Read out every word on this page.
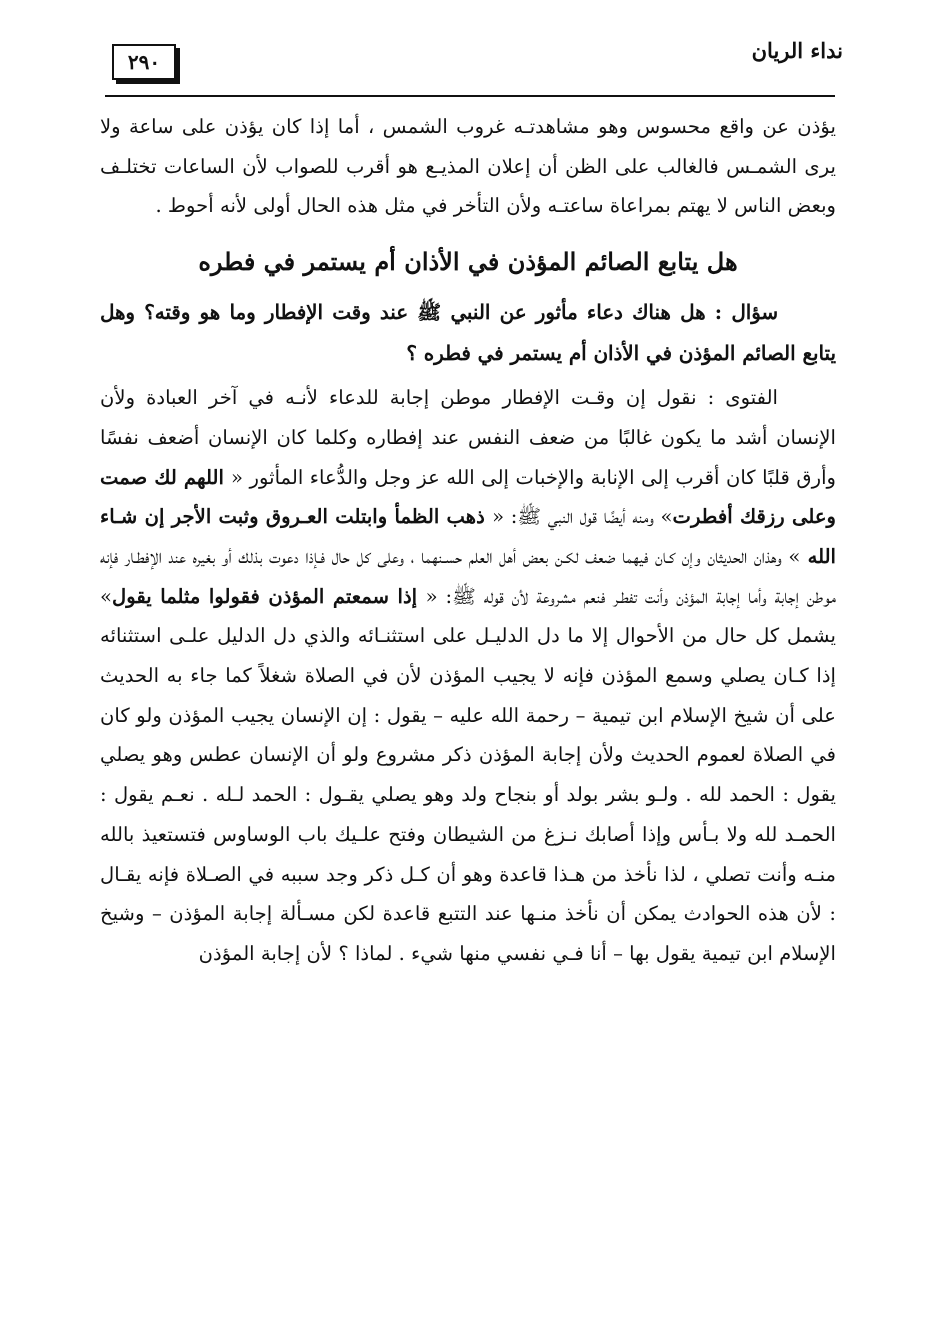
نداء الريان
٢٩٠

يؤذن عن واقع محسوس وهو مشاهدتـه غروب الشمس ، أما إذا كان يؤذن على ساعة ولا يرى الشمـس فالغالب على الظن أن إعلان المذيـع هو أقرب للصواب لأن الساعات تختلـف وبعض الناس لا يهتم بمراعاة ساعتـه ولأن التأخر في مثل هذه الحال أولى لأنه أحوط .

هل يتابع الصائم المؤذن في الأذان أم يستمر في فطره

سؤال : هل هناك دعاء مأثور عن النبي ﷺ عند وقت الإفطار وما هو وقته؟ وهل يتابع الصائم المؤذن في الأذان أم يستمر في فطره ؟

الفتوى : نقول إن وقـت الإفطار موطن إجابة للدعاء لأنـه في آخر العبادة ولأن الإنسان أشد ما يكون غالبًا من ضعف النفس عند إفطاره وكلما كان الإنسان أضعف نفسًا وأرق قلبًا كان أقرب إلى الإنابة والإخبات إلى الله عز وجل والدُّعاء المأثور « اللهم لك صمت وعلى رزقك أفطرت» ومنه أيضًا قول النبي ﷺ: « ذهب الظمأ وابتلت العـروق وثبت الأجر إن شـاء الله » وهذان الحديثان وإن كـان فيهما ضعف لكـن بعض أهل العلم حسـنهما ، وعلى كل حال فـإذا دعوت بذلك أو بغيره عند الإفطـار فإنه موطن إجابة وأما إجابة المؤذن وأنت تفطـر فنعم مشروعة لأن قوله ﷺ: « إذا سمعتم المؤذن فقولوا مثلما يقول» يشمل كل حال من الأحوال إلا ما دل الدليـل على استثنـائه والذي دل الدليل علـى استثنائه إذا كـان يصلي وسمع المؤذن فإنه لا يجيب المؤذن لأن في الصلاة شغلاً كما جاء به الحديث على أن شيخ الإسلام ابن تيمية – رحمة الله عليه – يقول : إن الإنسان يجيب المؤذن ولو كان في الصلاة لعموم الحديث ولأن إجابة المؤذن ذكر مشروع ولو أن الإنسان عطس وهو يصلي يقول : الحمد لله . ولـو بشر بولد أو بنجاح ولد وهو يصلي يقـول : الحمد لـله . نعـم يقول : الحمـد لله ولا بـأس وإذا أصابك نـزغ من الشيطان وفتح علـيك باب الوساوس فتستعيذ بالله منـه وأنت تصلي ، لذا نأخذ من هـذا قاعدة وهو أن كـل ذكر وجد سببه في الصـلاة فإنه يقـال : لأن هذه الحوادث يمكن أن نأخذ منـها عند التتبع قاعدة لكن مسـألة إجابة المؤذن – وشيخ الإسلام ابن تيمية يقول بها – أنا فـي نفسي منها شيء . لماذا ؟ لأن إجابة المؤذن
